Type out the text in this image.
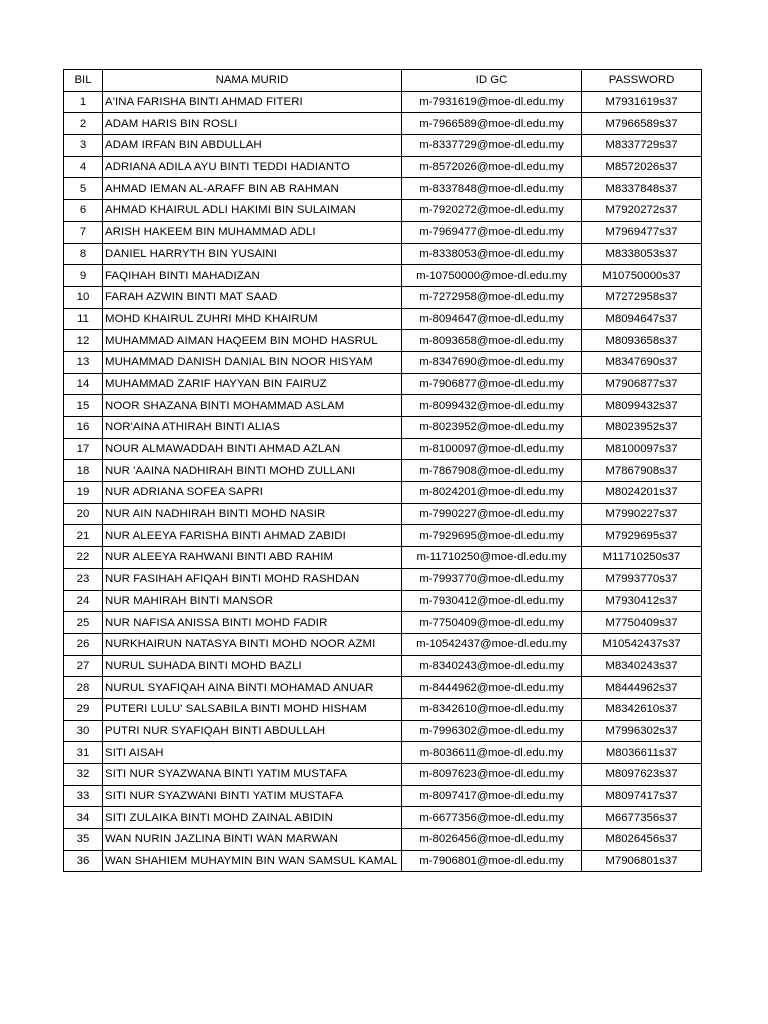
BIL	NAMA MURID	ID GC	PASSWORD
1	A'INA FARISHA BINTI AHMAD FITERI	m-7931619@moe-dl.edu.my	M7931619s37
2	ADAM HARIS BIN ROSLI	m-7966589@moe-dl.edu.my	M7966589s37
3	ADAM IRFAN BIN ABDULLAH	m-8337729@moe-dl.edu.my	M8337729s37
4	ADRIANA ADILA AYU BINTI TEDDI HADIANTO	m-8572026@moe-dl.edu.my	M8572026s37
5	AHMAD IEMAN AL-ARAFF BIN AB RAHMAN	m-8337848@moe-dl.edu.my	M8337848s37
6	AHMAD KHAIRUL ADLI HAKIMI BIN SULAIMAN	m-7920272@moe-dl.edu.my	M7920272s37
7	ARISH HAKEEM BIN MUHAMMAD ADLI	m-7969477@moe-dl.edu.my	M7969477s37
8	DANIEL HARRYTH BIN YUSAINI	m-8338053@moe-dl.edu.my	M8338053s37
9	FAQIHAH BINTI MAHADIZAN	m-10750000@moe-dl.edu.my	M10750000s37
10	FARAH AZWIN BINTI MAT SAAD	m-7272958@moe-dl.edu.my	M7272958s37
11	MOHD KHAIRUL ZUHRI MHD KHAIRUM	m-8094647@moe-dl.edu.my	M8094647s37
12	MUHAMMAD AIMAN HAQEEM BIN MOHD HASRUL	m-8093658@moe-dl.edu.my	M8093658s37
13	MUHAMMAD DANISH DANIAL BIN NOOR HISYAM	m-8347690@moe-dl.edu.my	M8347690s37
14	MUHAMMAD ZARIF HAYYAN BIN FAIRUZ	m-7906877@moe-dl.edu.my	M7906877s37
15	NOOR SHAZANA BINTI MOHAMMAD ASLAM	m-8099432@moe-dl.edu.my	M8099432s37
16	NOR'AINA ATHIRAH BINTI ALIAS	m-8023952@moe-dl.edu.my	M8023952s37
17	NOUR ALMAWADDAH BINTI AHMAD AZLAN	m-8100097@moe-dl.edu.my	M8100097s37
18	NUR 'AAINA NADHIRAH BINTI MOHD ZULLANI	m-7867908@moe-dl.edu.my	M7867908s37
19	NUR ADRIANA SOFEA SAPRI	m-8024201@moe-dl.edu.my	M8024201s37
20	NUR AIN NADHIRAH BINTI MOHD NASIR	m-7990227@moe-dl.edu.my	M7990227s37
21	NUR ALEEYA FARISHA BINTI AHMAD ZABIDI	m-7929695@moe-dl.edu.my	M7929695s37
22	NUR ALEEYA RAHWANI BINTI ABD RAHIM	m-11710250@moe-dl.edu.my	M11710250s37
23	NUR FASIHAH AFIQAH BINTI MOHD RASHDAN	m-7993770@moe-dl.edu.my	M7993770s37
24	NUR MAHIRAH BINTI MANSOR	m-7930412@moe-dl.edu.my	M7930412s37
25	NUR NAFISA ANISSA BINTI MOHD FADIR	m-7750409@moe-dl.edu.my	M7750409s37
26	NURKHAIRUN NATASYA BINTI MOHD NOOR AZMI	m-10542437@moe-dl.edu.my	M10542437s37
27	NURUL SUHADA BINTI MOHD BAZLI	m-8340243@moe-dl.edu.my	M8340243s37
28	NURUL SYAFIQAH AINA BINTI MOHAMAD ANUAR	m-8444962@moe-dl.edu.my	M8444962s37
29	PUTERI LULU' SALSABILA BINTI MOHD HISHAM	m-8342610@moe-dl.edu.my	M8342610s37
30	PUTRI NUR SYAFIQAH BINTI ABDULLAH	m-7996302@moe-dl.edu.my	M7996302s37
31	SITI AISAH	m-8036611@moe-dl.edu.my	M8036611s37
32	SITI NUR SYAZWANA BINTI YATIM MUSTAFA	m-8097623@moe-dl.edu.my	M8097623s37
33	SITI NUR SYAZWANI BINTI YATIM MUSTAFA	m-8097417@moe-dl.edu.my	M8097417s37
34	SITI ZULAIKA BINTI MOHD ZAINAL ABIDIN	m-6677356@moe-dl.edu.my	M6677356s37
35	WAN NURIN JAZLINA BINTI WAN MARWAN	m-8026456@moe-dl.edu.my	M8026456s37
36	WAN SHAHIEM MUHAYMIN BIN WAN SAMSUL KAMAL	m-7906801@moe-dl.edu.my	M7906801s37
